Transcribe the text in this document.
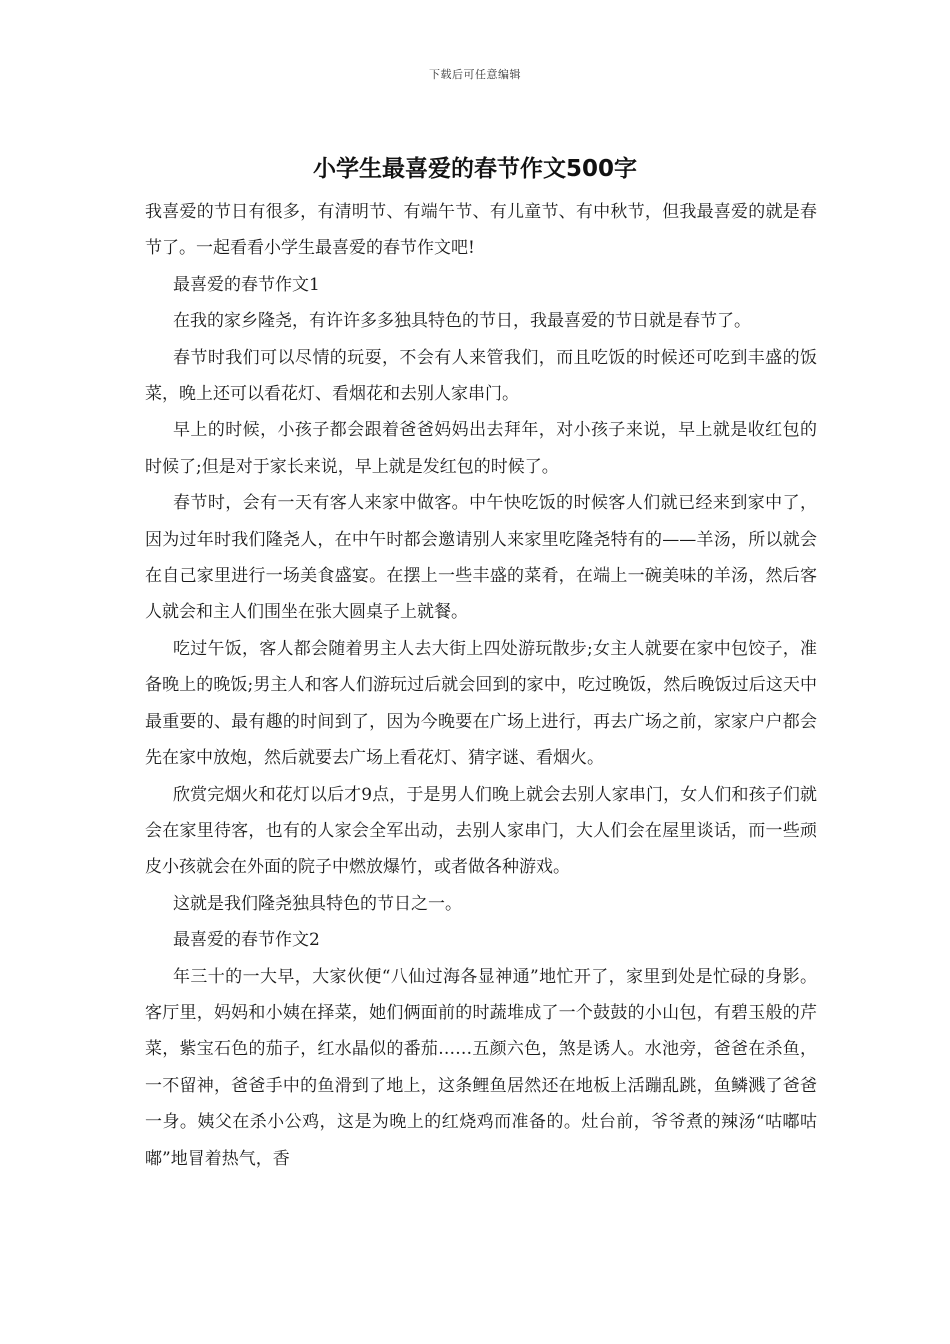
下载后可任意编辑
小学生最喜爱的春节作文500字

我喜爱的节日有很多，有清明节、有端午节、有儿童节、有中秋节，但我最喜爱的就是春节了。一起看看小学生最喜爱的春节作文吧!

最喜爱的春节作文1

在我的家乡隆尧，有许许多多独具特色的节日，我最喜爱的节日就是春节了。

春节时我们可以尽情的玩耍，不会有人来管我们，而且吃饭的时候还可吃到丰盛的饭菜，晚上还可以看花灯、看烟花和去别人家串门。

早上的时候，小孩子都会跟着爸爸妈妈出去拜年，对小孩子来说，早上就是收红包的时候了;但是对于家长来说，早上就是发红包的时候了。

春节时，会有一天有客人来家中做客。中午快吃饭的时候客人们就已经来到家中了，因为过年时我们隆尧人，在中午时都会邀请别人来家里吃隆尧特有的——羊汤，所以就会在自己家里进行一场美食盛宴。在摆上一些丰盛的菜肴，在端上一碗美味的羊汤，然后客人就会和主人们围坐在张大圆桌子上就餐。

吃过午饭，客人都会随着男主人去大街上四处游玩散步;女主人就要在家中包饺子，准备晚上的晚饭;男主人和客人们游玩过后就会回到的家中，吃过晚饭，然后晚饭过后这天中最重要的、最有趣的时间到了，因为今晚要在广场上进行，再去广场之前，家家户户都会先在家中放炮，然后就要去广场上看花灯、猜字谜、看烟火。

欣赏完烟火和花灯以后才9点，于是男人们晚上就会去别人家串门，女人们和孩子们就会在家里待客，也有的人家会全军出动，去别人家串门，大人们会在屋里谈话，而一些顽皮小孩就会在外面的院子中燃放爆竹，或者做各种游戏。

这就是我们隆尧独具特色的节日之一。

最喜爱的春节作文2

年三十的一大早，大家伙便“八仙过海各显神通”地忙开了，家里到处是忙碌的身影。客厅里，妈妈和小姨在择菜，她们俩面前的时蔬堆成了一个鼓鼓的小山包，有碧玉般的芹菜，紫宝石色的茄子，红水晶似的番茄……五颜六色，煞是诱人。水池旁，爸爸在杀鱼，一不留神，爸爸手中的鱼滑到了地上，这条鲤鱼居然还在地板上活蹦乱跳，鱼鳞溅了爸爸一身。姨父在杀小公鸡，这是为晚上的红烧鸡而准备的。灶台前，爷爷煮的辣汤“咕嘟咕嘟”地冒着热气，香
